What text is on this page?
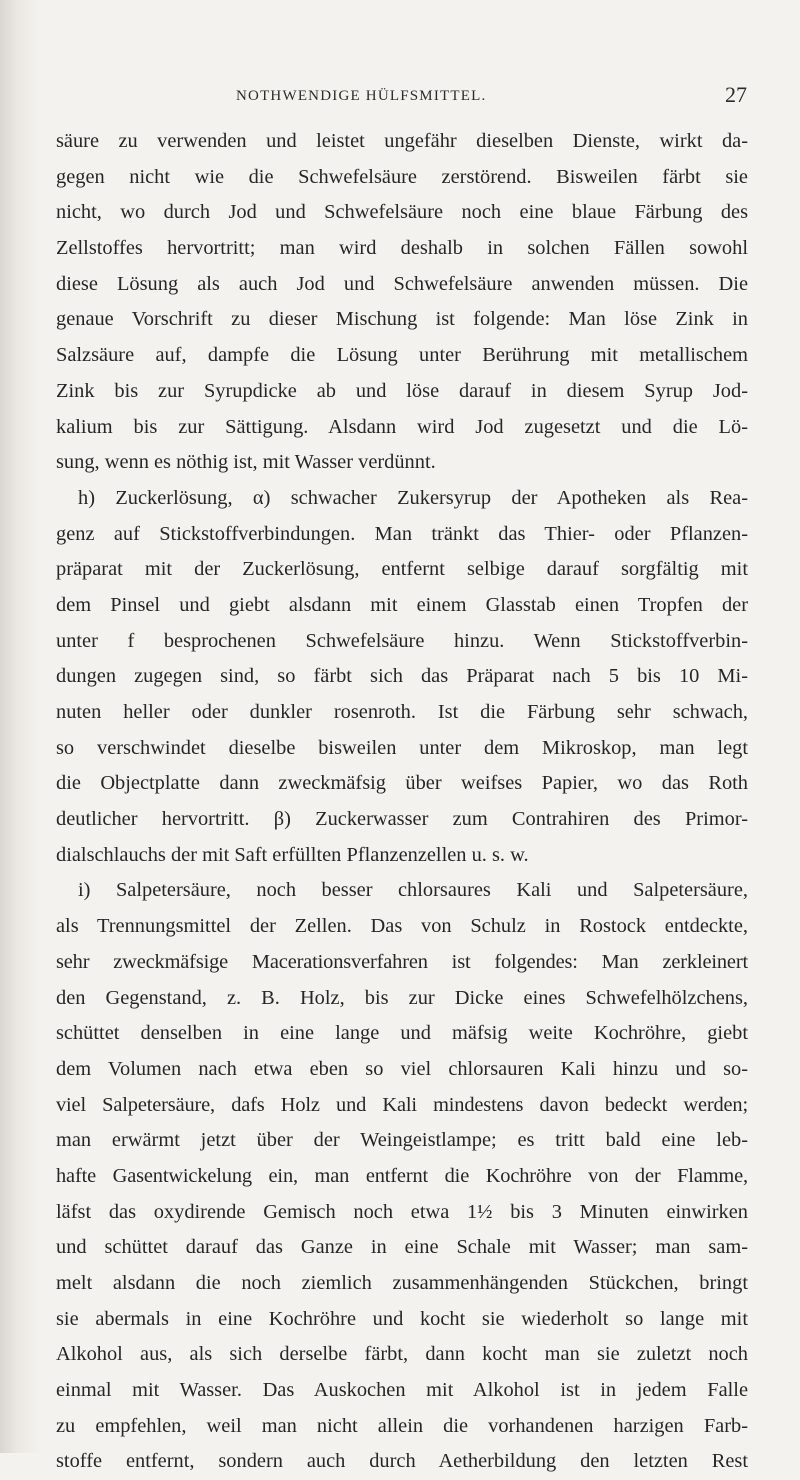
NOTHWENDIGE HÜLFSMITTEL.	27
säure zu verwenden und leistet ungefähr dieselben Dienste, wirkt da-
gegen nicht wie die Schwefelsäure zerstörend. Bisweilen färbt sie
nicht, wo durch Jod und Schwefelsäure noch eine blaue Färbung des
Zellstoffes hervortritt; man wird deshalb in solchen Fällen sowohl
diese Lösung als auch Jod und Schwefelsäure anwenden müssen. Die
genaue Vorschrift zu dieser Mischung ist folgende: Man löse Zink in
Salzsäure auf, dampfe die Lösung unter Berührung mit metallischem
Zink bis zur Syrupdicke ab und löse darauf in diesem Syrup Jod-
kalium bis zur Sättigung. Alsdann wird Jod zugesetzt und die Lö-
sung, wenn es nöthig ist, mit Wasser verdünnt.
h) Zuckerlösung, α) schwacher Zukersyrup der Apotheken als Rea-
genz auf Stickstoffverbindungen. Man tränkt das Thier- oder Pflanzen-
präparat mit der Zuckerlösung, entfernt selbige darauf sorgfältig mit
dem Pinsel und giebt alsdann mit einem Glasstab einen Tropfen der
unter f besprochenen Schwefelsäure hinzu. Wenn Stickstoffverbin-
dungen zugegen sind, so färbt sich das Präparat nach 5 bis 10 Mi-
nuten heller oder dunkler rosenroth. Ist die Färbung sehr schwach,
so verschwindet dieselbe bisweilen unter dem Mikroskop, man legt
die Objectplatte dann zweckmäfsig über weifses Papier, wo das Roth
deutlicher hervortritt. β) Zuckerwasser zum Contrahiren des Primor-
dialschlauchs der mit Saft erfüllten Pflanzenzellen u. s. w.
i) Salpetersäure, noch besser chlorsaures Kali und Salpetersäure,
als Trennungsmittel der Zellen. Das von Schulz in Rostock entdeckte,
sehr zweckmäfsige Macerationsverfahren ist folgendes: Man zerkleinert
den Gegenstand, z. B. Holz, bis zur Dicke eines Schwefelhölzchens,
schüttet denselben in eine lange und mäfsig weite Kochröhre, giebt
dem Volumen nach etwa eben so viel chlorsauren Kali hinzu und so-
viel Salpetersäure, dafs Holz und Kali mindestens davon bedeckt werden;
man erwärmt jetzt über der Weingeistlampe; es tritt bald eine leb-
hafte Gasentwickelung ein, man entfernt die Kochröhre von der Flamme,
läfst das oxydirende Gemisch noch etwa 1½ bis 3 Minuten einwirken
und schüttet darauf das Ganze in eine Schale mit Wasser; man sam-
melt alsdann die noch ziemlich zusammenhängenden Stückchen, bringt
sie abermals in eine Kochröhre und kocht sie wiederholt so lange mit
Alkohol aus, als sich derselbe färbt, dann kocht man sie zuletzt noch
einmal mit Wasser. Das Auskochen mit Alkohol ist in jedem Falle
zu empfehlen, weil man nicht allein die vorhandenen harzigen Farb-
stoffe entfernt, sondern auch durch Aetherbildung den letzten Rest
